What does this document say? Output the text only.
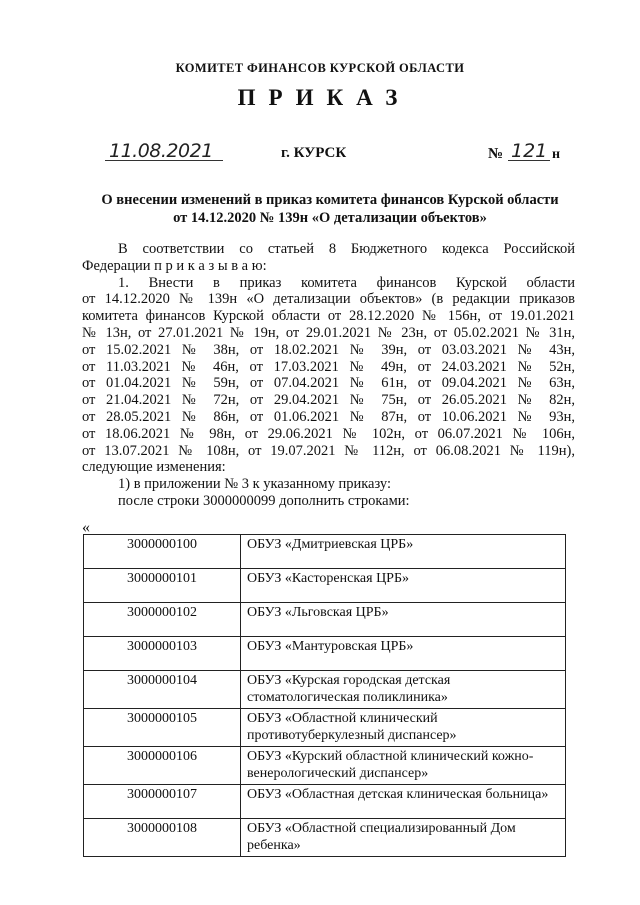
КОМИТЕТ ФИНАНСОВ КУРСКОЙ ОБЛАСТИ
ПРИКАЗ
11.08.2021	г. КУРСК	№ 121 н
О внесении изменений в приказ комитета финансов Курской области
от 14.12.2020 № 139н «О детализации объектов»
В соответствии со статьей 8 Бюджетного кодекса Российской
Федерации п р и к а з ы в а ю:
1. Внести в приказ комитета финансов Курской области
от 14.12.2020 № 139н «О детализации объектов» (в редакции приказов
комитета финансов Курской области от 28.12.2020 № 156н, от 19.01.2021
№ 13н, от 27.01.2021 № 19н, от 29.01.2021 № 23н, от 05.02.2021 № 31н,
от 15.02.2021 № 38н, от 18.02.2021 № 39н, от 03.03.2021 № 43н,
от 11.03.2021 № 46н, от 17.03.2021 № 49н, от 24.03.2021 № 52н,
от 01.04.2021 № 59н, от 07.04.2021 № 61н, от 09.04.2021 № 63н,
от 21.04.2021 № 72н, от 29.04.2021 № 75н, от 26.05.2021 № 82н,
от 28.05.2021 № 86н, от 01.06.2021 № 87н, от 10.06.2021 № 93н,
от 18.06.2021 № 98н, от 29.06.2021 № 102н, от 06.07.2021 № 106н,
от 13.07.2021 № 108н, от 19.07.2021 № 112н, от 06.08.2021 № 119н),
следующие изменения:
1) в приложении № 3 к указанному приказу:
после строки 3000000099 дополнить строками:
«
3000000100	ОБУЗ «Дмитриевская ЦРБ»
3000000101	ОБУЗ «Касторенская ЦРБ»
3000000102	ОБУЗ «Льговская ЦРБ»
3000000103	ОБУЗ «Мантуровская ЦРБ»
3000000104	ОБУЗ «Курская городская детская стоматологическая поликлиника»
3000000105	ОБУЗ «Областной клинический противотуберкулезный диспансер»
3000000106	ОБУЗ «Курский областной клинический кожно-венерологический диспансер»
3000000107	ОБУЗ «Областная детская клиническая больница»
3000000108	ОБУЗ «Областной специализированный Дом ребенка»
